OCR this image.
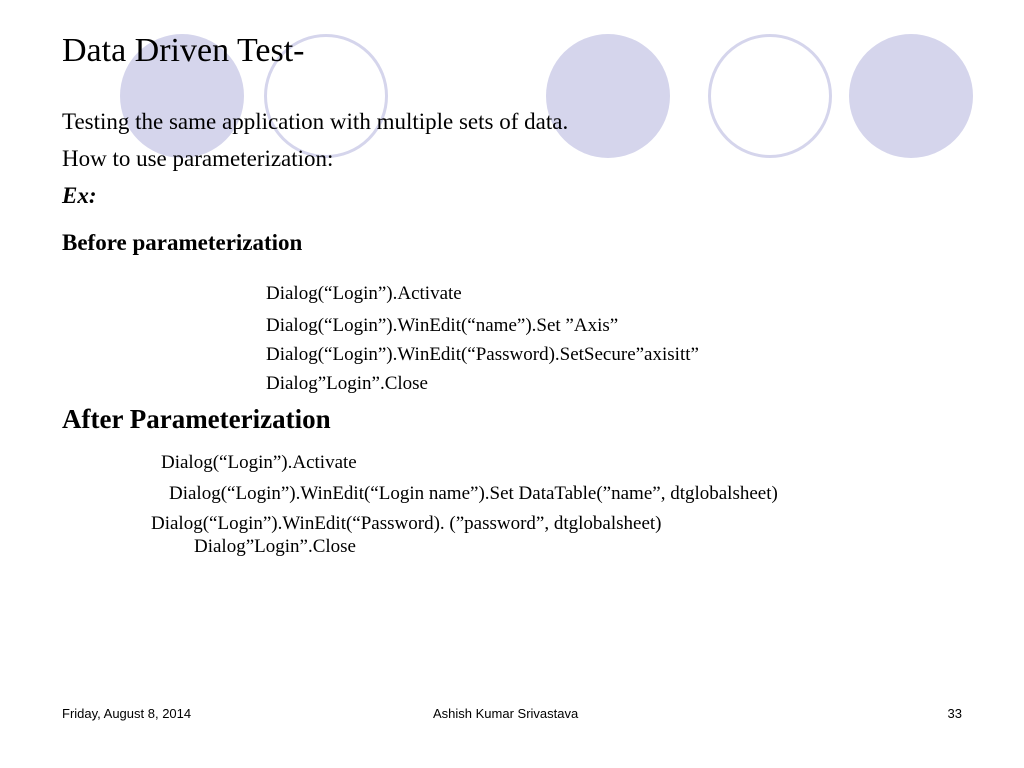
Data Driven Test-
Testing the same application with multiple sets of data.
How to use parameterization:
Ex:
Before parameterization
Dialog(“Login”).Activate
Dialog(“Login”).WinEdit(“name”).Set ”Axis”
Dialog(“Login”).WinEdit(“Password).SetSecure”axisitt”
Dialog”Login”.Close
After Parameterization
Dialog(“Login”).Activate
Dialog(“Login”).WinEdit(“Login name”).Set DataTable(”name”, dtglobalsheet)
Dialog(“Login”).WinEdit(“Password). (”password”, dtglobalsheet)
Dialog”Login”.Close
Friday, August 8, 2014	Ashish Kumar Srivastava	33
